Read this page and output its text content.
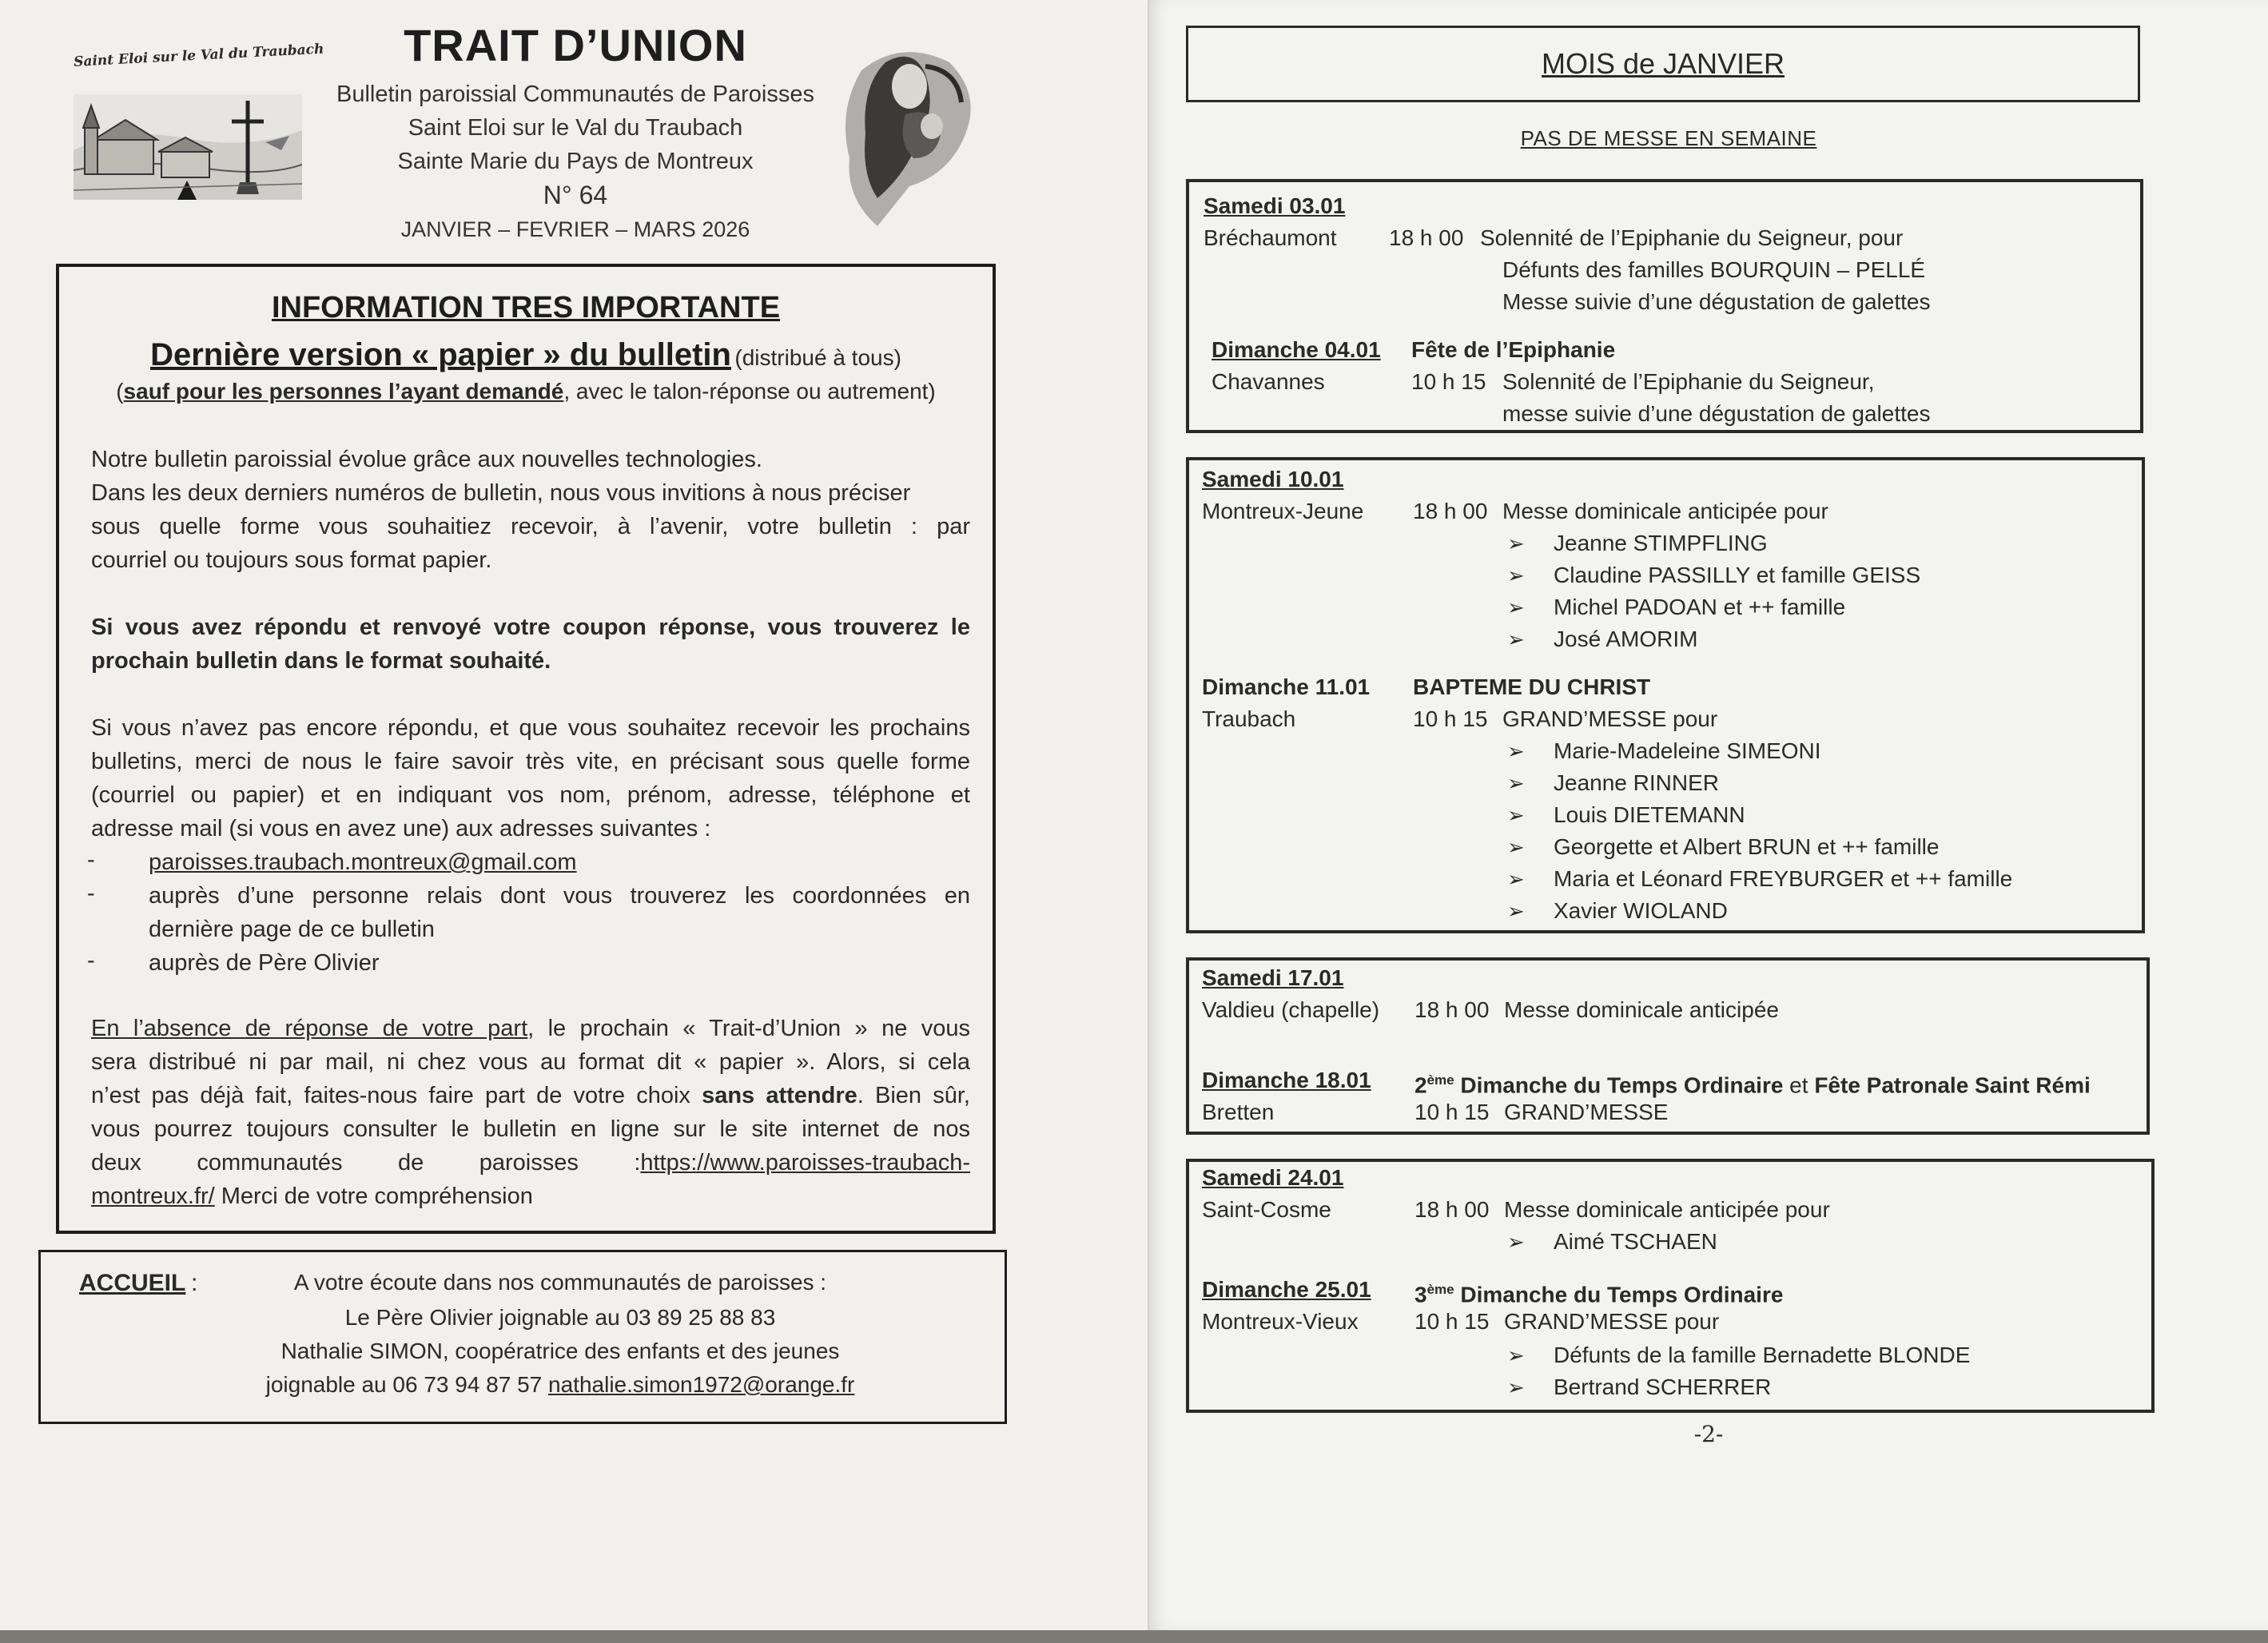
Saint Eloi sur le Val du Traubach	TRAIT D’UNION
Bulletin paroissial Communautés de Paroisses
Saint Eloi sur le Val du Traubach
Sainte Marie du Pays de Montreux
N° 64
JANVIER – FEVRIER – MARS 2026
INFORMATION TRES IMPORTANTE
Dernière version « papier » du bulletin (distribué à tous)
(sauf pour les personnes l’ayant demandé, avec le talon-réponse ou autrement)
Notre bulletin paroissial évolue grâce aux nouvelles technologies.
Dans les deux derniers numéros de bulletin, nous vous invitions à nous préciser
sous quelle forme vous souhaitiez recevoir, à l’avenir, votre bulletin : par
courriel ou toujours sous format papier.
Si vous avez répondu et renvoyé votre coupon réponse, vous trouverez le
prochain bulletin dans le format souhaité.
Si vous n’avez pas encore répondu, et que vous souhaitez recevoir les prochains
bulletins, merci de nous le faire savoir très vite, en précisant sous quelle forme
(courriel ou papier) et en indiquant vos nom, prénom, adresse, téléphone et
adresse mail (si vous en avez une) aux adresses suivantes :
- paroisses.traubach.montreux@gmail.com
- auprès d’une personne relais dont vous trouverez les coordonnées en
dernière page de ce bulletin
- auprès de Père Olivier
En l’absence de réponse de votre part, le prochain « Trait-d’Union » ne vous
sera distribué ni par mail, ni chez vous au format dit « papier ». Alors, si cela
n’est pas déjà fait, faites-nous faire part de votre choix sans attendre. Bien sûr,
vous pourrez toujours consulter le bulletin en ligne sur le site internet de nos
deux communautés de paroisses :https://www.paroisses-traubach-
montreux.fr/ Merci de votre compréhension
ACCUEIL :	A votre écoute dans nos communautés de paroisses :
Le Père Olivier joignable au 03 89 25 88 83
Nathalie SIMON, coopératrice des enfants et des jeunes
joignable au 06 73 94 87 57 nathalie.simon1972@orange.fr
MOIS de JANVIER
PAS DE MESSE EN SEMAINE
Samedi 03.01
Bréchaumont 18 h 00 Solennité de l’Epiphanie du Seigneur, pour
Défunts des familles BOURQUIN – PELLÉ
Messe suivie d’une dégustation de galettes
Dimanche 04.01 Fête de l’Epiphanie
Chavannes	10 h 15 Solennité de l’Epiphanie du Seigneur,
messe suivie d’une dégustation de galettes
Samedi 10.01
Montreux-Jeune 18 h 00 Messe dominicale anticipée pour
➢ Jeanne STIMPFLING
➢ Claudine PASSILLY et famille GEISS
➢ Michel PADOAN et ++ famille
➢ José AMORIM
Dimanche 11.01 BAPTEME DU CHRIST
Traubach	10 h 15 GRAND’MESSE pour
➢ Marie-Madeleine SIMEONI
➢ Jeanne RINNER
➢ Louis DIETEMANN
➢ Georgette et Albert BRUN et ++ famille
➢ Maria et Léonard FREYBURGER et ++ famille
➢ Xavier WIOLAND
Samedi 17.01
Valdieu (chapelle) 18 h 00 Messe dominicale anticipée
Dimanche 18.01 2ème Dimanche du Temps Ordinaire et Fête Patronale Saint Rémi
Bretten	10 h 15 GRAND’MESSE
Samedi 24.01
Saint-Cosme	18 h 00 Messe dominicale anticipée pour
➢ Aimé TSCHAEN
Dimanche 25.01 3ème Dimanche du Temps Ordinaire
Montreux-Vieux	10 h 15 GRAND’MESSE pour
➢ Défunts de la famille Bernadette BLONDE
➢ Bertrand SCHERRER
-2-
